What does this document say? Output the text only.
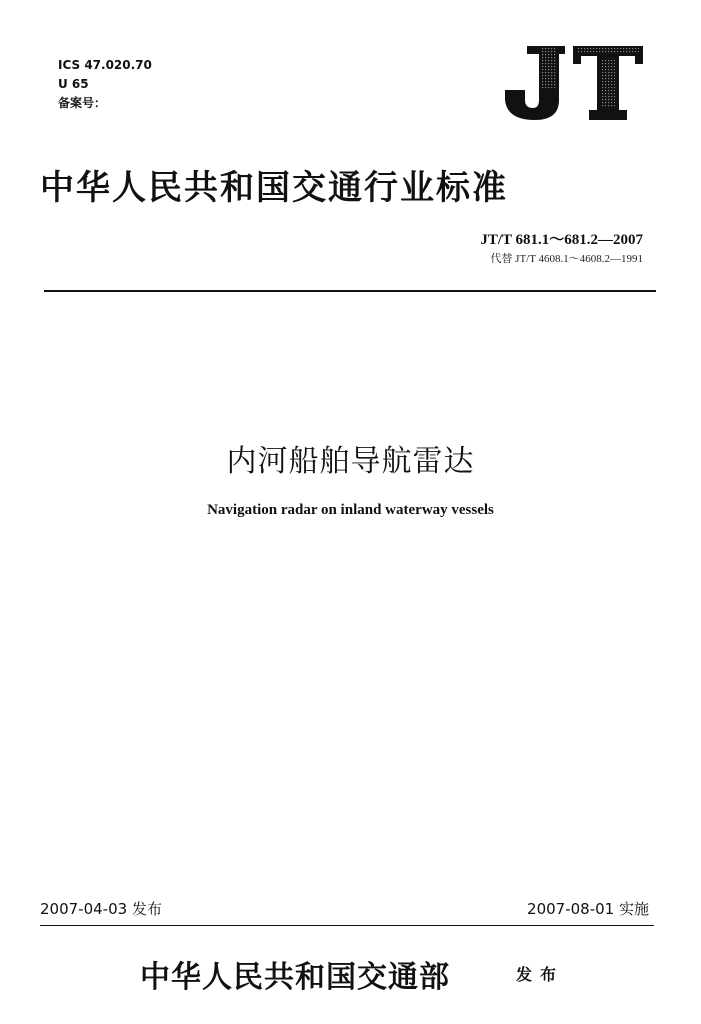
ICS 47.020.70
U 65
备案号：
中华人民共和国交通行业标准
JT/T 681.1～681.2—2007
代替 JT/T 4608.1～4608.2—1991
内河船舶导航雷达
Navigation radar on inland waterway vessels
2007-04-03 发布	2007-08-01 实施
中华人民共和国交通部	发布
